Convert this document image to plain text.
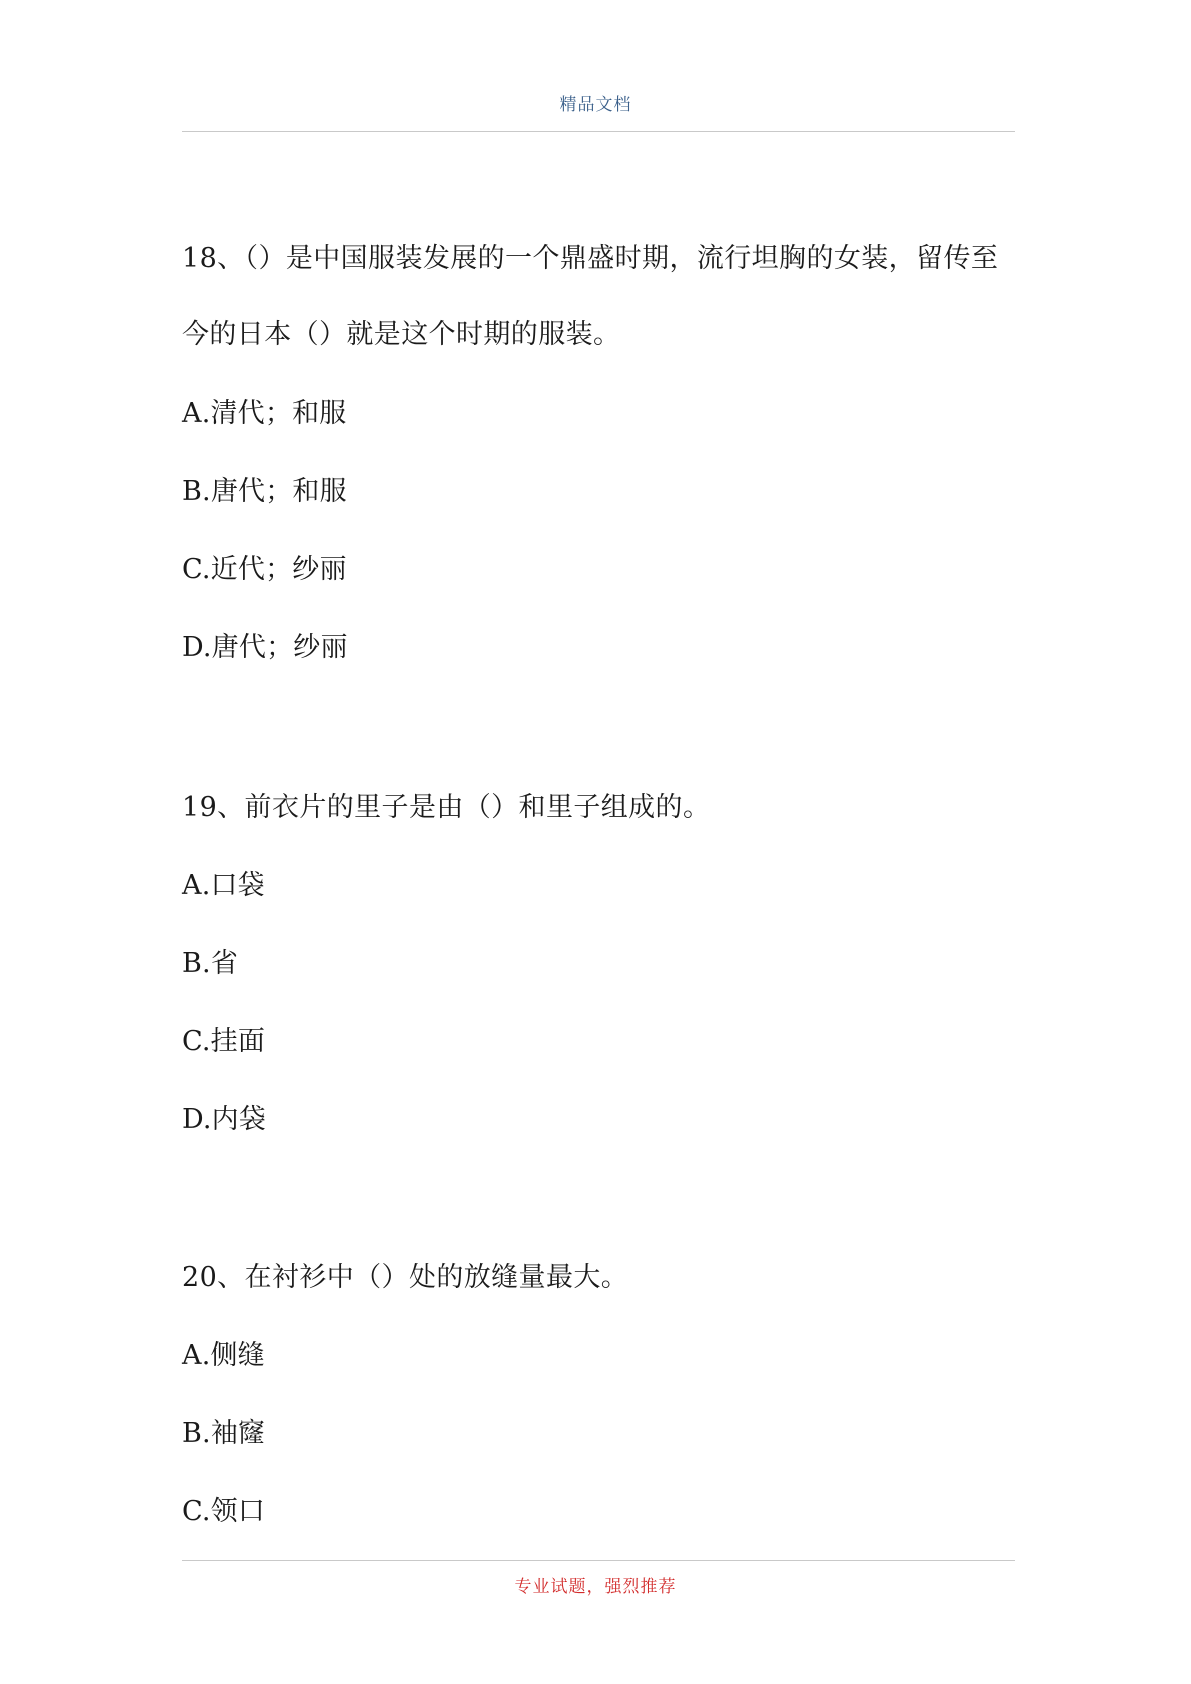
精品文档
18、（）是中国服装发展的一个鼎盛时期，流行坦胸的女装，留传至
今的日本（）就是这个时期的服装。
A.清代；和服
B.唐代；和服
C.近代；纱丽
D.唐代；纱丽
19、前衣片的里子是由（）和里子组成的。
A.口袋
B.省
C.挂面
D.内袋
20、在衬衫中（）处的放缝量最大。
A.侧缝
B.袖窿
C.领口
专业试题，强烈推荐
